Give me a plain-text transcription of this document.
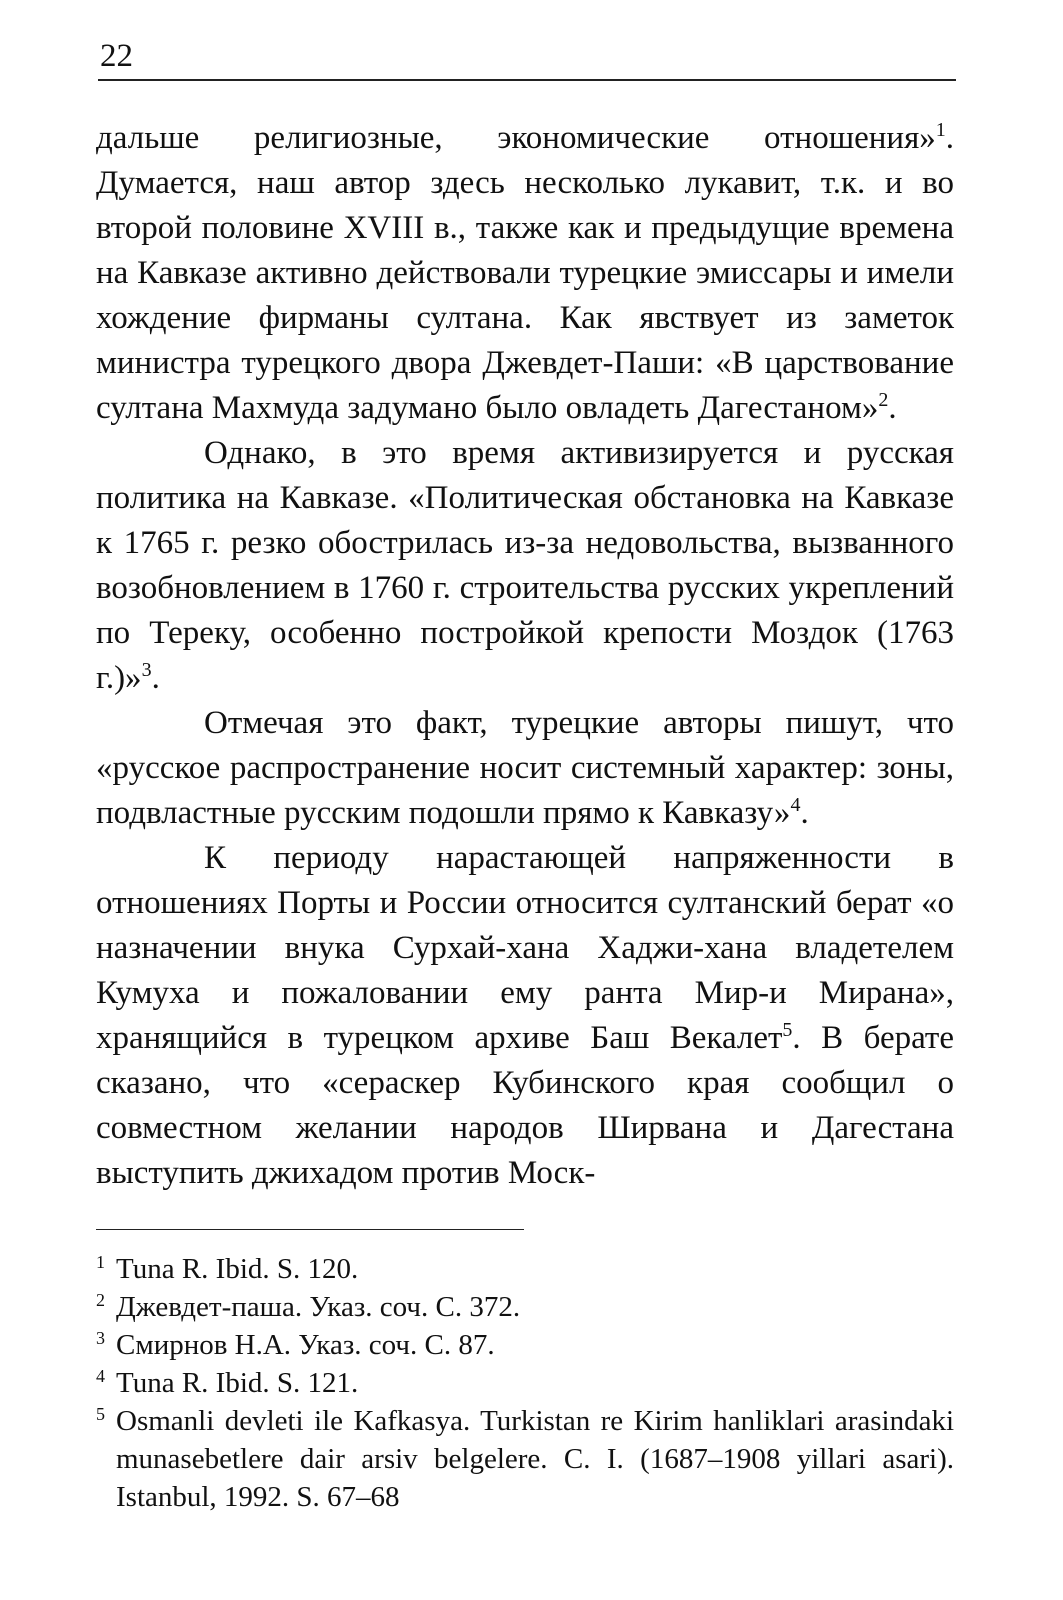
22

дальше религиозные, экономические отношения»$^1$. Думается, наш автор здесь несколько лукавит, т.к. и во второй половине XVIII в., также как и предыдущие времена на Кавказе активно действовали турецкие эмиссары и имели хождение фирманы султана. Как явствует из заметок министра турецкого двора Джевдет-Паши: «В царствование султана Махмуда задумано было овладеть Дагестаном»$^2$.

Однако, в это время активизируется и русская политика на Кавказе. «Политическая обстановка на Кавказе к 1765 г. резко обострилась из-за недовольства, вызванного возобновлением в 1760 г. строительства русских укреплений по Тереку, особенно постройкой крепости Моздок (1763 г.)»$^3$.

Отмечая это факт, турецкие авторы пишут, что «русское распространение носит системный характер: зоны, подвластные русским подошли прямо к Кавказу»$^4$.

К периоду нарастающей напряженности в отношениях Порты и России относится султанский берат «о назначении внука Сурхай-хана Хаджи-хана владетелем Кумуха и пожаловании ему ранта Мир-и Мирана», хранящийся в турецком архиве Баш Векалет$^5$. В берате сказано, что «сераскер Кубинского края сообщил о совместном желании народов Ширвана и Дагестана выступить джихадом против Моск-

1 Tuna R. Ibid. S. 120.
2 Джевдет-паша. Указ. соч. С. 372.
3 Смирнов Н.А. Указ. соч. С. 87.
4 Tuna R. Ibid. S. 121.
5 Osmanli devleti ile Kafkasya. Turkistan re Kirim hanliklari arasindaki munasebetlere dair arsiv belgelere. C. I. (1687–1908 yillari asari). Istanbul, 1992. S. 67–68
